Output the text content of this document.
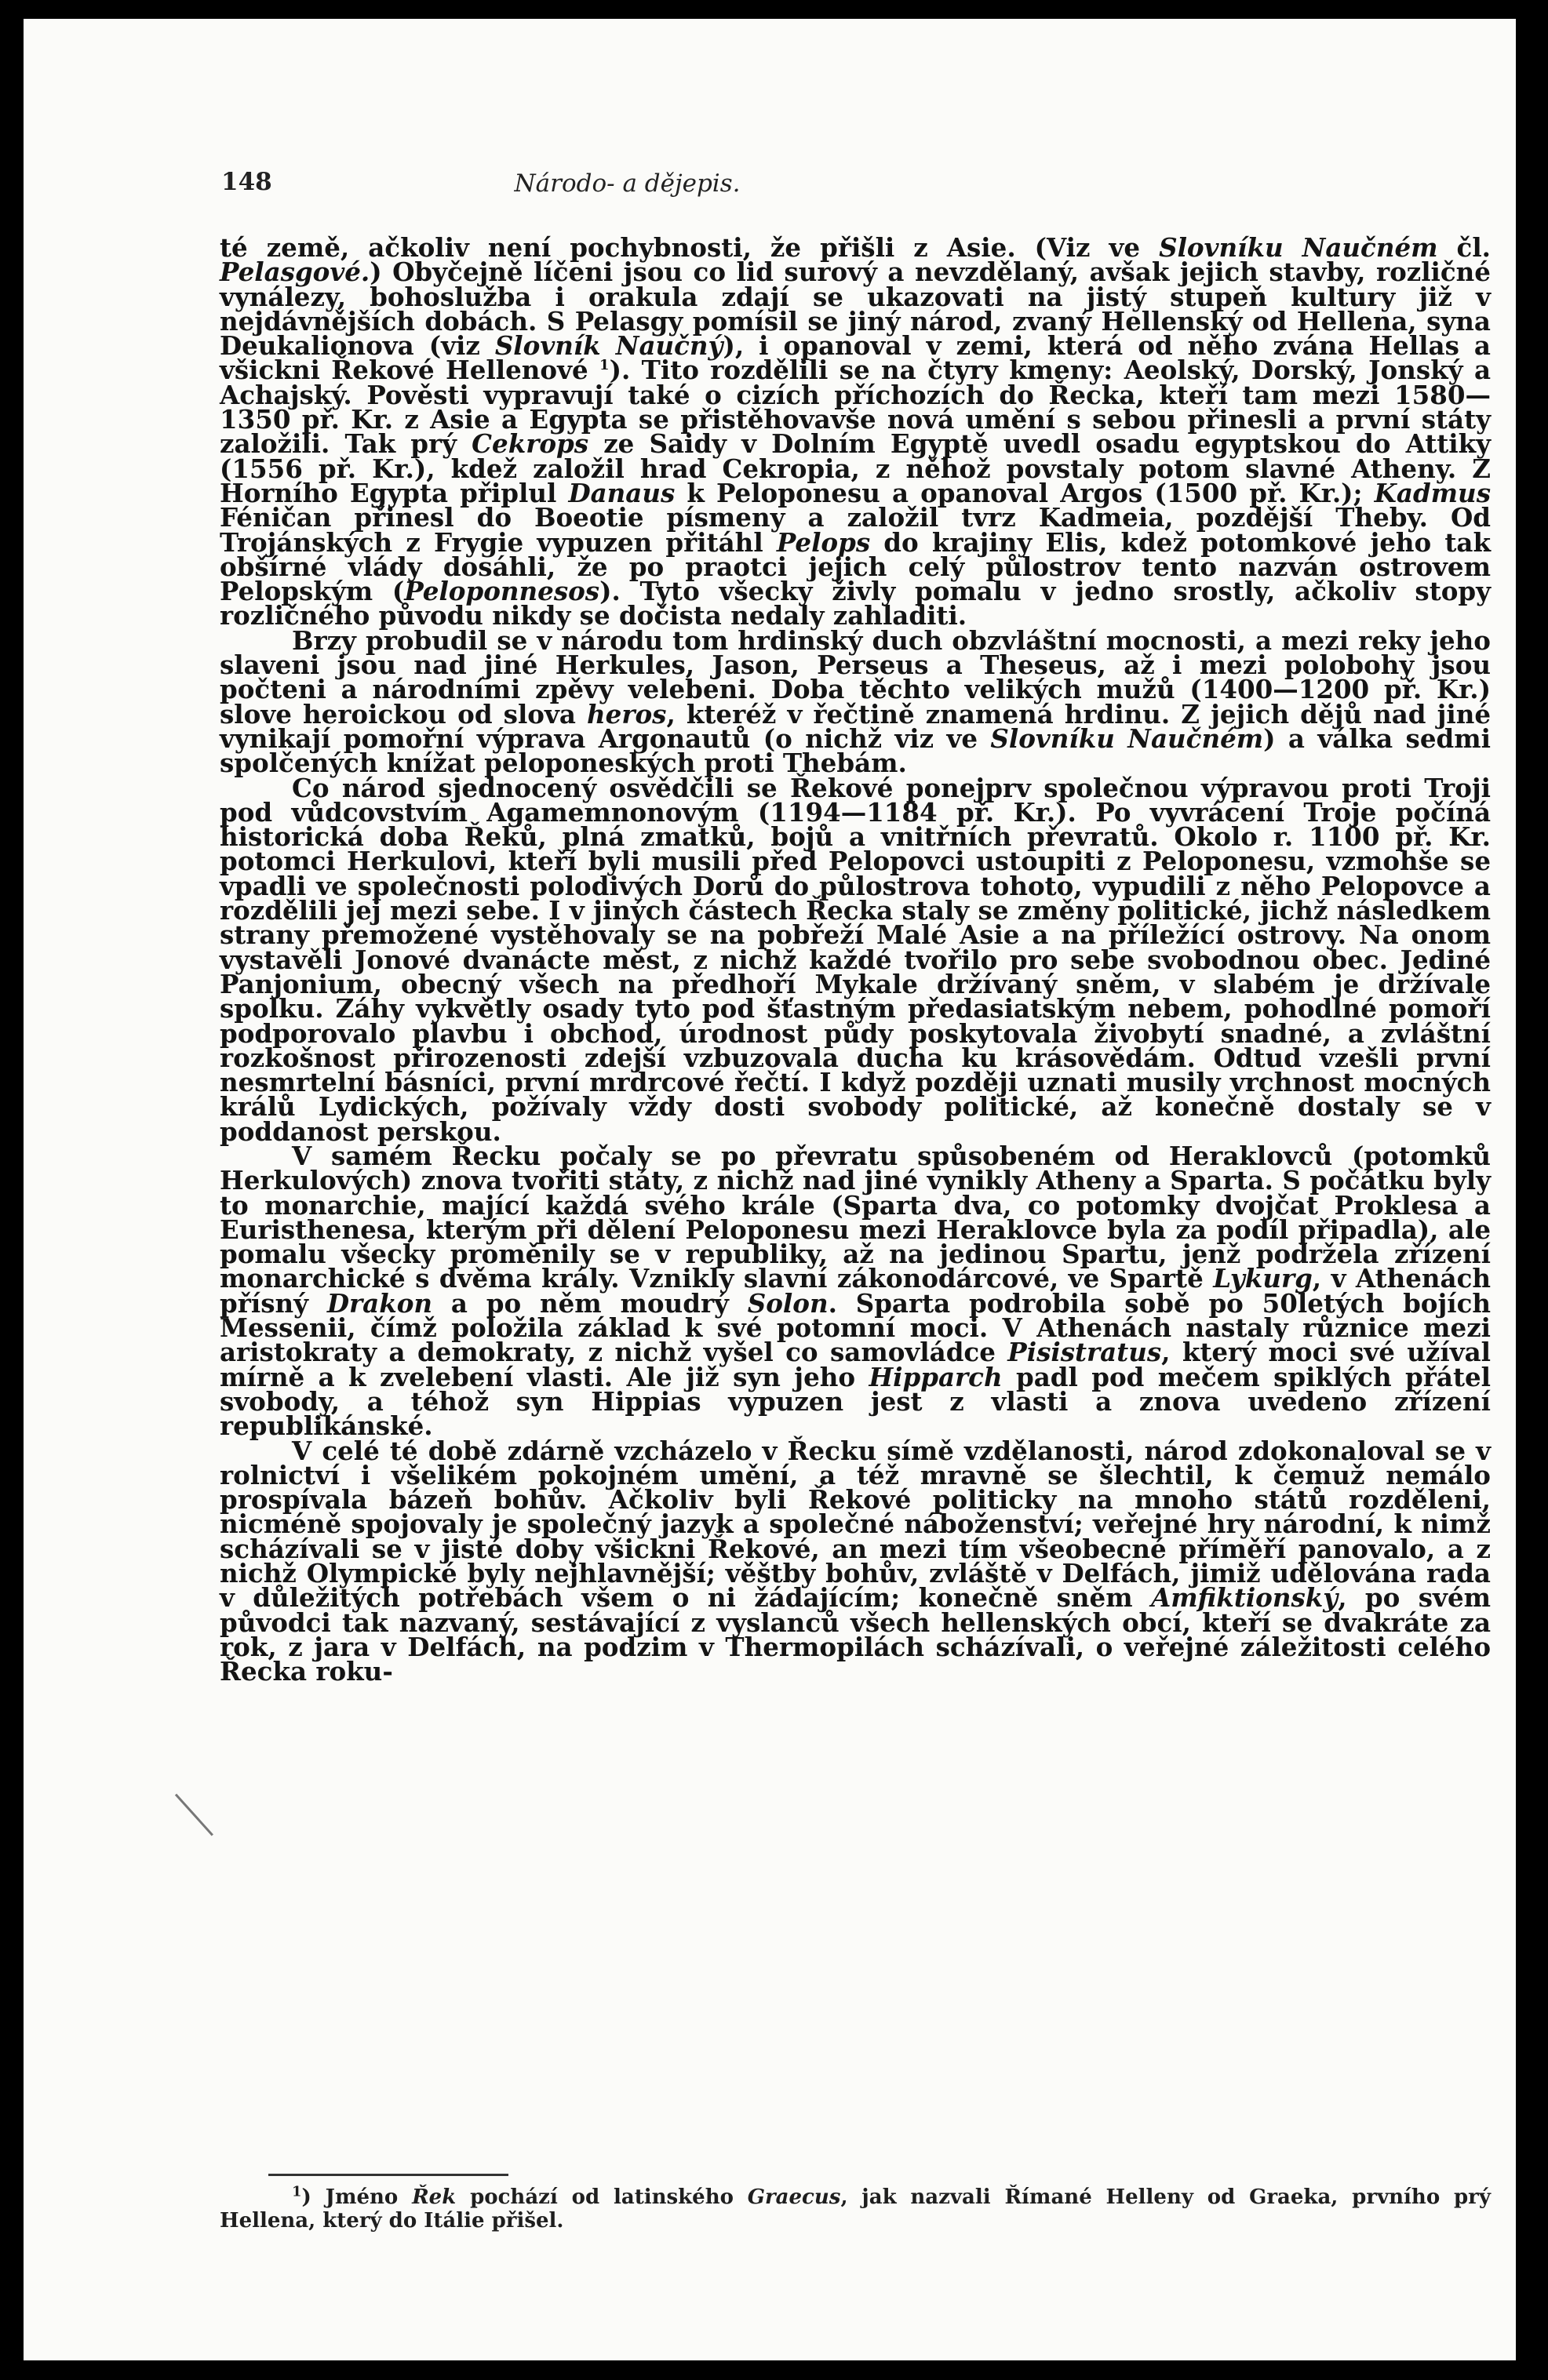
148	Národo- a dějepis.

té země, ačkoliv není pochybnosti, že přišli z Asie. (Viz ve Slovníku Naučném čl. Pelasgové.) Obyčejně líčeni jsou co lid surový a nevzdělaný, avšak jejich stavby, rozličné vynálezy, bohoslužba i orakula zdají se ukazovati na jistý stupeň kultury již v nejdávnějších dobách. S Pelasgy pomísil se jiný národ, zvaný Hellenský od Hellena, syna Deukalionova (viz Slovník Naučný), i opanoval v zemi, která od něho zvána Hellas a všickni Řekové Hellenové $^1$). Tito rozdělili se na čtyry kmeny: Aeolský, Dorský, Jonský a Achajský. Pověsti vypravují také o cizích příchozích do Řecka, kteří tam mezi 1580—1350 př. Kr. z Asie a Egypta se přistěhovavše nová umění s sebou přinesli a první státy založili. Tak prý Cekrops ze Saidy v Dolním Egyptě uvedl osadu egyptskou do Attiky (1556 př. Kr.), kdež založil hrad Cekropia, z něhož povstaly potom slavné Atheny. Z Horního Egypta připlul Danaus k Peloponesu a opanoval Argos (1500 př. Kr.); Kadmus Féničan přinesl do Boeotie písmeny a založil tvrz Kadmeia, pozdější Theby. Od Trojánských z Frygie vypuzen přitáhl Pelops do krajiny Elis, kdež potomkové jeho tak obšírné vlády dosáhli, že po praotci jejich celý půlostrov tento nazván ostrovem Pelopským (Peloponnesos). Tyto všecky živly pomalu v jedno srostly, ačkoliv stopy rozličného původu nikdy se dočista nedaly zahladiti.

Brzy probudil se v národu tom hrdinský duch obzvláštní mocnosti, a mezi reky jeho slaveni jsou nad jiné Herkules, Jason, Perseus a Theseus, až i mezi polobohy jsou počteni a národními zpěvy velebeni. Doba těchto velikých mužů (1400—1200 př. Kr.) slove heroickou od slova heros, kteréž v řečtině znamená hrdinu. Z jejich dějů nad jiné vynikají pomořní výprava Argonautů (o nichž viz ve Slovníku Naučném) a válka sedmi spolčených knížat peloponeských proti Thebám.

Co národ sjednocený osvědčili se Řekové ponejprv společnou výpravou proti Troji pod vůdcovstvím Agamemnonovým (1194—1184 př. Kr.). Po vyvrácení Troje počíná historická doba Řeků, plná zmatků, bojů a vnitřních převratů. Okolo r. 1100 př. Kr. potomci Herkulovi, kteří byli musili před Pelopovci ustoupiti z Peloponesu, vzmohše se vpadli ve společnosti polodivých Dorů do půlostrova tohoto, vypudili z něho Pelopovce a rozdělili jej mezi sebe. I v jiných částech Řecka staly se změny politické, jichž následkem strany přemožené vystěhovaly se na pobřeží Malé Asie a na příležící ostrovy. Na onom vystavěli Jonové dvanácte měst, z nichž každé tvořilo pro sebe svobodnou obec. Jediné Panjonium, obecný všech na předhoří Mykale držívaný sněm, v slabém je držívale spolku. Záhy vykvětly osady tyto pod šťastným předasiatským nebem, pohodlné pomoří podporovalo plavbu i obchod, úrodnost půdy poskytovala živobytí snadné, a zvláštní rozkošnost přirozenosti zdejší vzbuzovala ducha ku krásovědám. Odtud vzešli první nesmrtelní básníci, první mrdrcové řečtí. I když později uznati musily vrchnost mocných králů Lydických, požívaly vždy dosti svobody politické, až konečně dostaly se v poddanost perskou.

V samém Řecku počaly se po převratu spůsobeném od Heraklovců (potomků Herkulových) znova tvořiti státy, z nichž nad jiné vynikly Atheny a Sparta. S počátku byly to monarchie, mající každá svého krále (Sparta dva, co potomky dvojčat Proklesa a Euristhenesa, kterým při dělení Peloponesu mezi Heraklovce byla za podíl připadla), ale pomalu všecky proměnily se v republiky, až na jedinou Spartu, jenž podržela zřízení monarchické s dvěma krály. Vznikly slavní zákonodárcové, ve Spartě Lykurg, v Athenách přísný Drakon a po něm moudrý Solon. Sparta podrobila sobě po 50letých bojích Messenii, čímž položila základ k své potomní moci. V Athenách nastaly různice mezi aristokraty a demokraty, z nichž vyšel co samovládce Pisistratus, který moci své užíval mírně a k zvelebení vlasti. Ale již syn jeho Hipparch padl pod mečem spiklých přátel svobody, a téhož syn Hippias vypuzen jest z vlasti a znova uvedeno zřízení republikánské.

V celé té době zdárně vzcházelo v Řecku símě vzdělanosti, národ zdokonaloval se v rolnictví i všelikém pokojném umění, a též mravně se šlechtil, k čemuž nemálo prospívala bázeň bohův. Ačkoliv byli Řekové politicky na mnoho států rozděleni, nicméně spojovaly je společný jazyk a společné náboženství; veřejné hry národní, k nimž scházívali se v jisté doby všickni Řekové, an mezi tím všeobecné příměří panovalo, a z nichž Olympické byly nejhlavnější; věštby bohův, zvláště v Delfách, jimiž udělována rada v důležitých potřebách všem o ni žádajícím; konečně sněm Amfiktionský, po svém původci tak nazvaný, sestávající z vyslanců všech hellenských obcí, kteří se dvakráte za rok, z jara v Delfách, na podzim v Thermopilách scházívali, o veřejné záležitosti celého Řecka roku-

$^1$) Jméno Řek pochází od latinského Graecus, jak nazvali Římané Helleny od Graeka, prvního prý Hellena, který do Itálie přišel.
